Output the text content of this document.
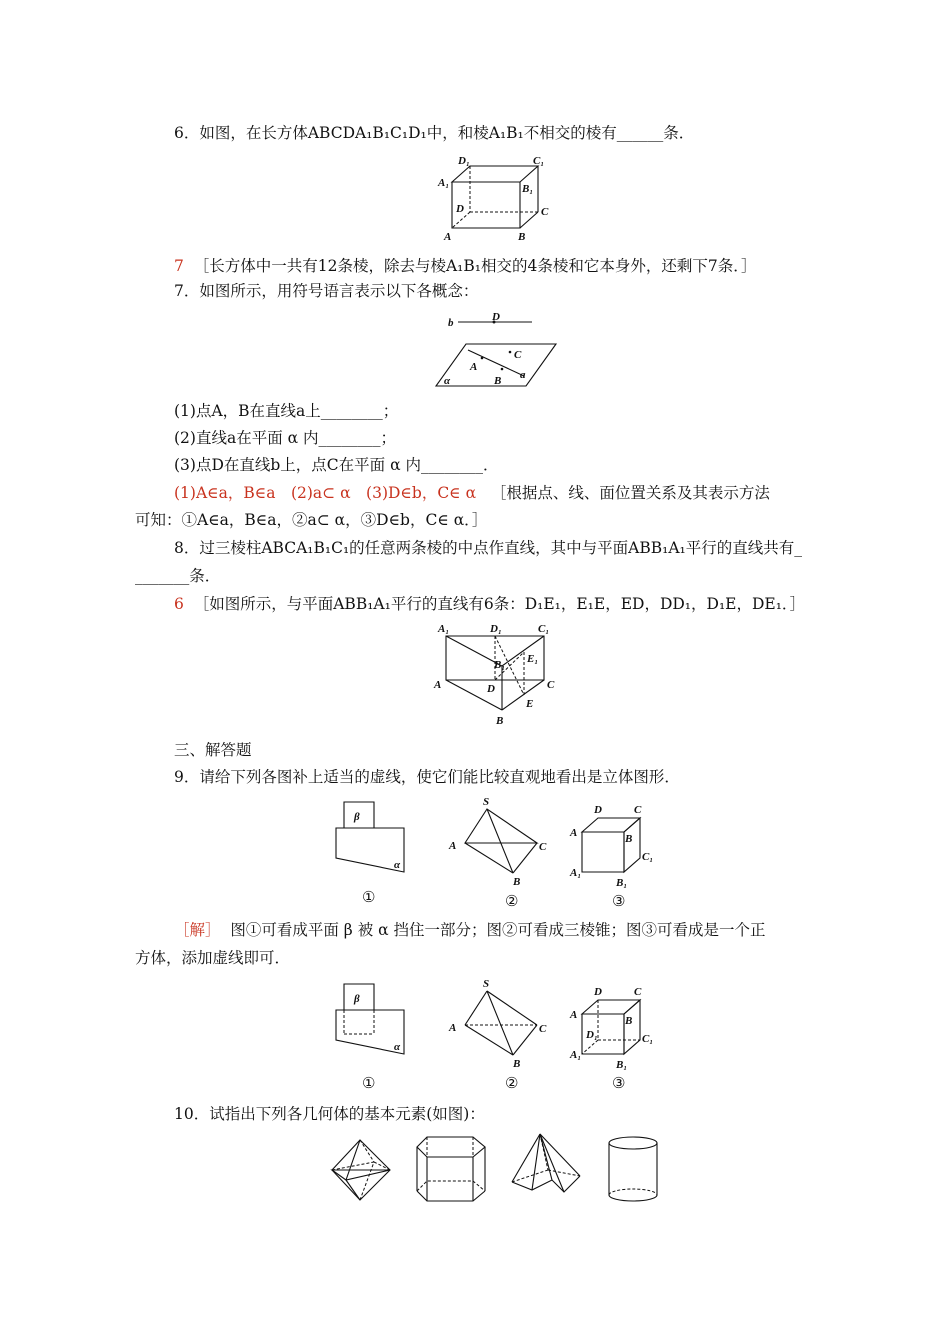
6．如图，在长方体ABCDA₁B₁C₁D₁中，和棱A₁B₁不相交的棱有______条．
D₁	C₁
A₁	B₁
D	C
A	B
7 ［长方体中一共有12条棱，除去与棱A₁B₁相交的4条棱和它本身外，还剩下7条．］
7．如图所示，用符号语言表示以下各概念：
b	D
C
A
a
α	B
(1)点A，B在直线a上________；
(2)直线a在平面 α 内________；
(3)点D在直线b上，点C在平面 α 内________．
(1)A∈a，B∈a　(2)a⊂ α　(3)D∈b，C∈ α ［根据点、线、面位置关系及其表示方法
可知：①A∈a，B∈a，②a⊂ α，③D∈b，C∈ α．］
8．过三棱柱ABCA₁B₁C₁的任意两条棱的中点作直线，其中与平面ABB₁A₁平行的直线共有_
_______条．
6 ［如图所示，与平面ABB₁A₁平行的直线有6条：D₁E₁，E₁E，ED，DD₁，D₁E，DE₁．］
A₁	D₁	C₁
B₁ E₁
A	D	C
E
B
三、解答题
9．请给下列各图补上适当的虚线，使它们能比较直观地看出是立体图形．
β
α
①
S
A	C
B
②
D	C
A	B
C₁
A₁
B₁
③
［解］ 图①可看成平面 β 被 α 挡住一部分；图②可看成三棱锥；图③可看成是一个正
方体，添加虚线即可．
β
α
①
S
A	C
B
②
D	C
A	B
D₁	C₁
A₁
B₁
③
10．试指出下列各几何体的基本元素(如图)：
